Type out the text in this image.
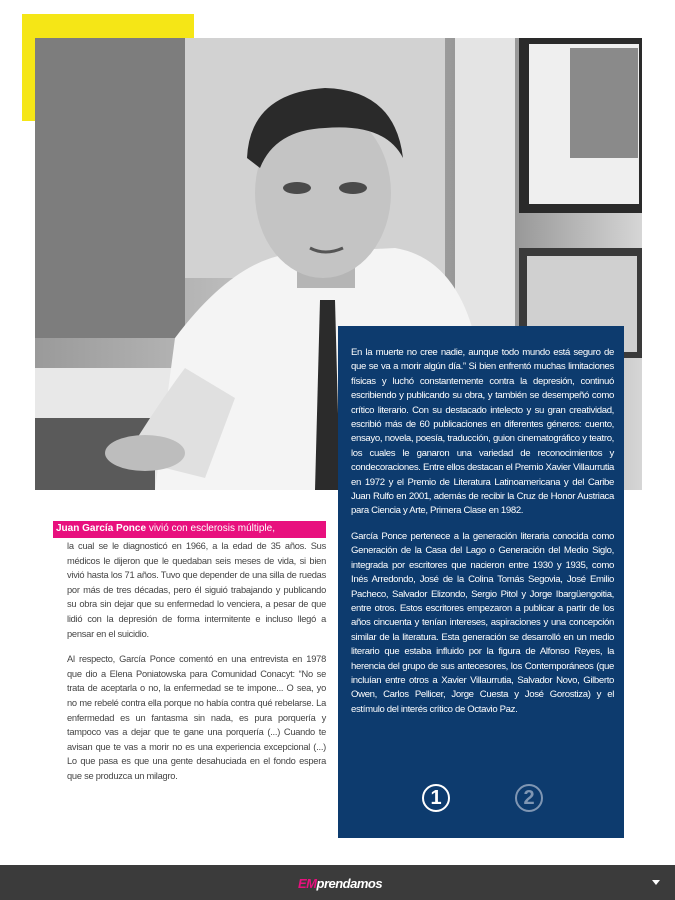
En la muerte no cree nadie, aunque todo mundo está seguro de que se va a morir algún día.” Si bien enfrentó muchas limitaciones físicas y luchó constantemente contra la depresión, continuó escribiendo y publicando su obra, y también se desempeñó como crítico literario. Con su destacado intelecto y su gran creatividad, escribió más de 60 publicaciones en diferentes géneros: cuento, ensayo, novela, poesía, traducción, guion cinematográfico y teatro, los cuales le ganaron una variedad de reconocimientos y condecoraciones. Entre ellos destacan el Premio Xavier Villaurrutia en 1972 y el Premio de Literatura Latinoamericana y del Caribe Juan Rulfo en 2001, además de recibir la Cruz de Honor Austriaca para Ciencia y Arte, Primera Clase en 1982.

García Ponce pertenece a la generación literaria conocida como Generación de la Casa del Lago o Generación del Medio Siglo, integrada por escritores que nacieron entre 1930 y 1935, como Inés Arredondo, José de la Colina Tomás Segovia, José Emilio Pacheco, Salvador Elizondo, Sergio Pitol y Jorge Ibargüengoitia, entre otros. Estos escritores empezaron a publicar a partir de los años cincuenta y tenían intereses, aspiraciones y una concepción similar de la literatura. Esta generación se desarrolló en un medio literario que estaba influido por la figura de Alfonso Reyes, la herencia del grupo de sus antecesores, los Contemporáneos (que incluían entre otros a Xavier Villaurrutia, Salvador Novo, Gilberto Owen, Carlos Pellicer, Jorge Cuesta y José Gorostiza) y el estímulo del interés crítico de Octavio Paz.

1	2
Juan García Ponce vivió con esclerosis múltiple,

la cual se le diagnosticó en 1966, a la edad de 35 años. Sus médicos le dijeron que le quedaban seis meses de vida, si bien vivió hasta los 71 años. Tuvo que depender de una silla de ruedas por más de tres décadas, pero él siguió trabajando y publicando su obra sin dejar que su enfermedad lo venciera, a pesar de que lidió con la depresión de forma intermitente e incluso llegó a pensar en el suicidio.

Al respecto, García Ponce comentó en una entrevista en 1978 que dio a Elena Poniatowska para Comunidad Conacyt: “No se trata de aceptarla o no, la enfermedad se te impone... O sea, yo no me rebelé contra ella porque no había contra qué rebelarse. La enfermedad es un fantasma sin nada, es pura porquería y tampoco vas a dejar que te gane una porquería (...) Cuando te avisan que te vas a morir no es una experiencia excepcional (...) Lo que pasa es que una gente desahuciada en el fondo espera que se produzca un milagro.

EMprendamos
